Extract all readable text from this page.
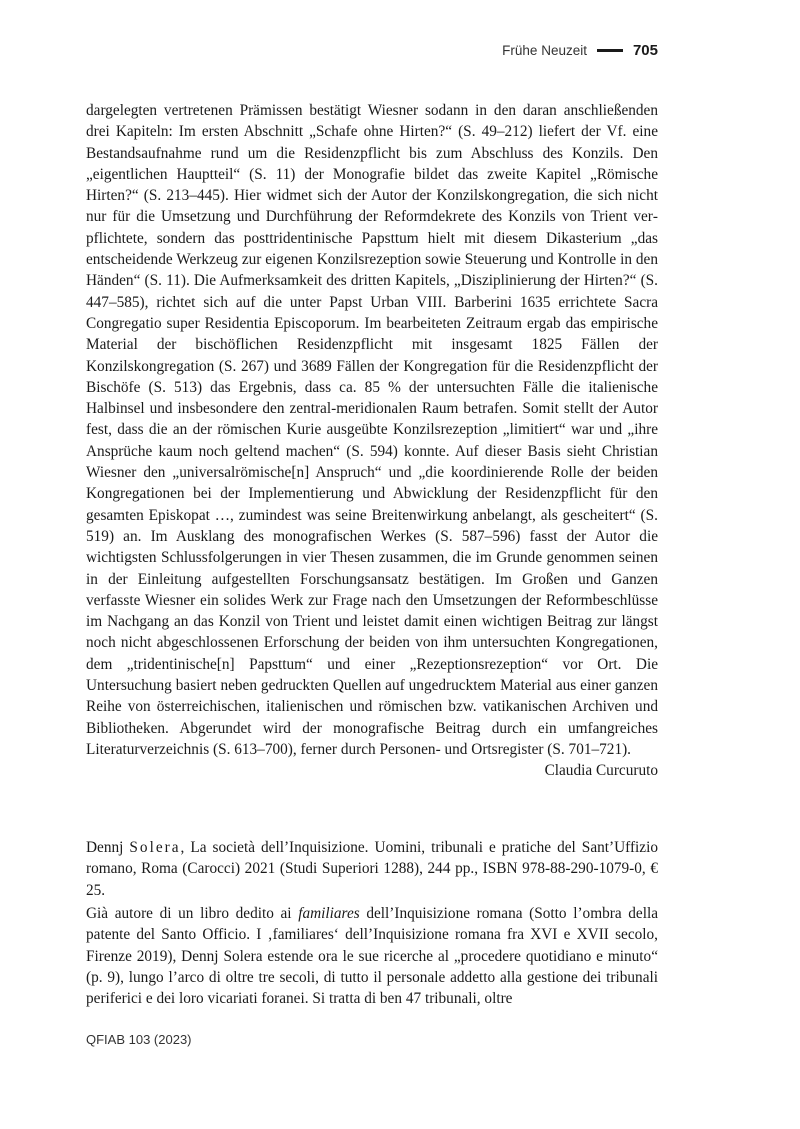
Frühe Neuzeit	705

dargelegten vertretenen Prämissen bestätigt Wiesner sodann in den daran anschließenden drei Kapiteln: Im ersten Abschnitt „Schafe ohne Hirten?“ (S. 49–212) liefert der Vf. eine Bestandsaufnahme rund um die Residenzpflicht bis zum Abschluss des Konzils. Den „eigentlichen Hauptteil“ (S. 11) der Monografie bildet das zweite Kapitel „Römische Hirten?“ (S. 213–445). Hier widmet sich der Autor der Konzilskongregation, die sich nicht nur für die Umsetzung und Durchführung der Reformdekrete des Konzils von Trient verpflichtete, sondern das posttridentinische Papsttum hielt mit diesem Dikasterium „das entscheidende Werkzeug zur eigenen Konzilsrezeption sowie Steuerung und Kontrolle in den Händen“ (S. 11). Die Aufmerksamkeit des dritten Kapitels, „Disziplinierung der Hirten?“ (S. 447–585), richtet sich auf die unter Papst Urban VIII. Barberini 1635 errichtete Sacra Congregatio super Residentia Episcoporum. Im bearbeiteten Zeitraum ergab das empirische Material der bischöflichen Residenzpflicht mit insgesamt 1825 Fällen der Konzilskongregation (S. 267) und 3689 Fällen der Kongregation für die Residenzpflicht der Bischöfe (S. 513) das Ergebnis, dass ca. 85 % der untersuchten Fälle die italienische Halbinsel und insbesondere den zentral-meridionalen Raum betrafen. Somit stellt der Autor fest, dass die an der römischen Kurie ausgeübte Konzilsrezeption „limitiert“ war und „ihre Ansprüche kaum noch geltend machen“ (S. 594) konnte. Auf dieser Basis sieht Christian Wiesner den „universalrömische[n] Anspruch“ und „die koordinierende Rolle der beiden Kongregationen bei der Implementierung und Abwicklung der Residenzpflicht für den gesamten Episkopat …, zumindest was seine Breitenwirkung anbelangt, als gescheitert“ (S. 519) an. Im Ausklang des monografischen Werkes (S. 587–596) fasst der Autor die wichtigsten Schlussfolgerungen in vier Thesen zusammen, die im Grunde genommen seinen in der Einleitung aufgestellten Forschungsansatz bestätigen. Im Großen und Ganzen verfasste Wiesner ein solides Werk zur Frage nach den Umsetzungen der Reformbeschlüsse im Nachgang an das Konzil von Trient und leistet damit einen wichtigen Beitrag zur längst noch nicht abgeschlossenen Erforschung der beiden von ihm untersuchten Kongregationen, dem „tridentinische[n] Papsttum“ und einer „Rezeptionsrezeption“ vor Ort. Die Untersuchung basiert neben gedruckten Quellen auf ungedrucktem Material aus einer ganzen Reihe von österreichischen, italienischen und römischen bzw. vatikanischen Archiven und Bibliotheken. Abgerundet wird der monografische Beitrag durch ein umfangreiches Literaturverzeichnis (S. 613–700), ferner durch Personen- und Ortsregister (S. 701–721).
Claudia Curcuruto

Dennj Solera, La società dell’Inquisizione. Uomini, tribunali e pratiche del Sant’Uffizio romano, Roma (Carocci) 2021 (Studi Superiori 1288), 244 pp., ISBN 978-88-290-1079-0, € 25.

Già autore di un libro dedito ai familiares dell’Inquisizione romana (Sotto l’ombra della patente del Santo Officio. I ‚familiares‘ dell’Inquisizione romana fra XVI e XVII secolo, Firenze 2019), Dennj Solera estende ora le sue ricerche al „procedere quotidiano e minuto“ (p. 9), lungo l’arco di oltre tre secoli, di tutto il personale addetto alla gestione dei tribunali periferici e dei loro vicariati foranei. Si tratta di ben 47 tribunali, oltre

QFIAB 103 (2023)
